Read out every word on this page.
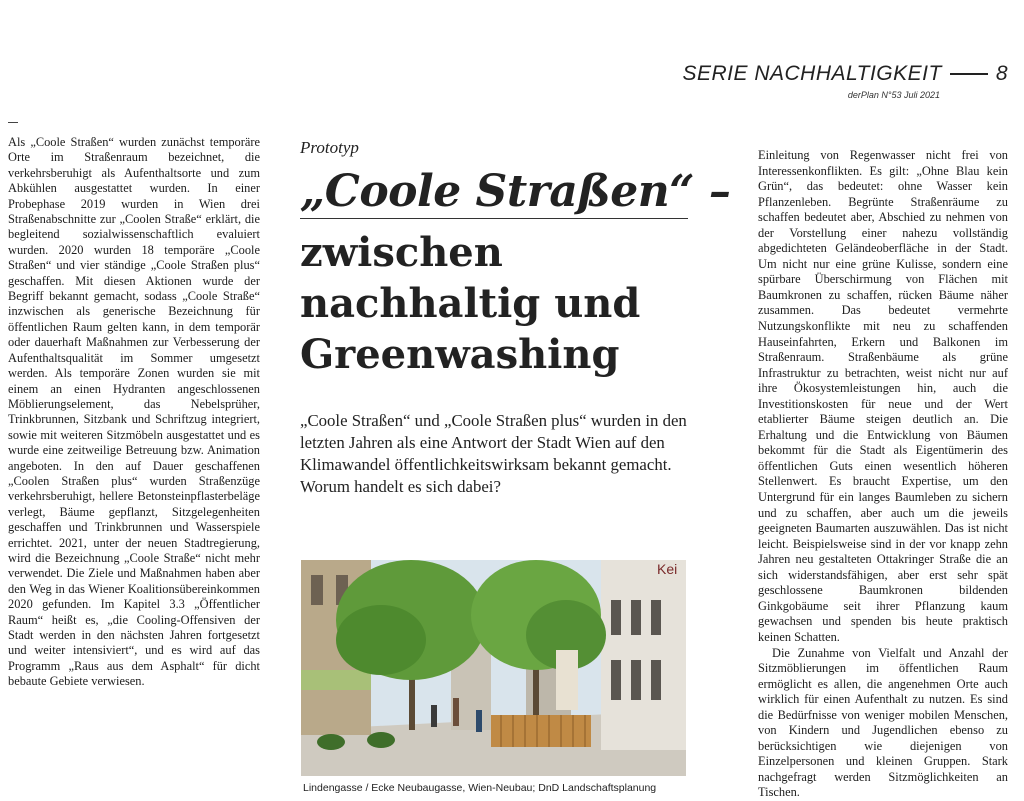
SERIE NACHHALTIGKEIT	8
derPlan N°53 Juli 2021
Als „Coole Straßen“ wurden zunächst temporäre Orte im Straßenraum bezeichnet, die verkehrsberuhigt als Aufenthaltsorte und zum Abkühlen ausgestattet wurden. In einer Probephase 2019 wurden in Wien drei Straßenabschnitte zur „Coolen Straße“ erklärt, die begleitend sozialwissenschaftlich evaluiert wurden. 2020 wurden 18 temporäre „Coole Straßen“ und vier ständige „Coole Straßen plus“ geschaffen. Mit diesen Aktionen wurde der Begriff bekannt gemacht, sodass „Coole Straße“ inzwischen als generische Bezeichnung für öffentlichen Raum gelten kann, in dem temporär oder dauerhaft Maßnahmen zur Verbesserung der Aufenthaltsqualität im Sommer umgesetzt werden. Als temporäre Zonen wurden sie mit einem an einen Hydranten angeschlossenen Möblierungselement, das Nebelsprüher, Trinkbrunnen, Sitzbank und Schriftzug integriert, sowie mit weiteren Sitzmöbeln ausgestattet und es wurde eine zeitweilige Betreuung bzw. Animation angeboten. In den auf Dauer geschaffenen „Coolen Straßen plus“ wurden Straßenzüge verkehrsberuhigt, hellere Betonsteinpflasterbeläge verlegt, Bäume gepflanzt, Sitzgelegenheiten geschaffen und Trinkbrunnen und Wasserspiele errichtet. 2021, unter der neuen Stadtregierung, wird die Bezeichnung „Coole Straße“ nicht mehr verwendet. Die Ziele und Maßnahmen haben aber den Weg in das Wiener Koalitionsübereinkommen 2020 gefunden. Im Kapitel 3.3 „Öffentlicher Raum“ heißt es, „die Cooling-Offensiven der Stadt werden in den nächsten Jahren fortgesetzt und weiter intensiviert“, und es wird auf das Programm „Raus aus dem Asphalt“ für dicht bebaute Gebiete verwiesen.
Prototyp
„Coole Straßen“ –
zwischen
nachhaltig und
Greenwashing
„Coole Straßen“ und „Coole Straßen plus“ wurden in den letzten Jahren als eine Antwort der Stadt Wien auf den Klimawandel öffentlichkeitswirksam bekannt gemacht. Worum handelt es sich dabei?
Kei
Lindengasse / Ecke Neubaugasse, Wien-Neubau; DnD Landschaftsplanung

Einleitung von Regenwasser nicht frei von Interessenkonflikten. Es gilt: „Ohne Blau kein Grün“, das bedeutet: ohne Wasser kein Pflanzenleben. Begrünte Straßenräume zu schaffen bedeutet aber, Abschied zu nehmen von der Vorstellung einer nahezu vollständig abgedichteten Geländeoberfläche in der Stadt. Um nicht nur eine grüne Kulisse, sondern eine spürbare Überschirmung von Flächen mit Baumkronen zu schaffen, rücken Bäume näher zusammen. Das bedeutet vermehrte Nutzungskonflikte mit neu zu schaffenden Hauseinfahrten, Erkern und Balkonen im Straßenraum. Straßenbäume als grüne Infrastruktur zu betrachten, weist nicht nur auf ihre Ökosystemleistungen hin, auch die Investitionskosten für neue und der Wert etablierter Bäume steigen deutlich an. Die Erhaltung und die Entwicklung von Bäumen bekommt für die Stadt als Eigentümerin des öffentlichen Guts einen wesentlich höheren Stellenwert. Es braucht Expertise, um den Untergrund für ein langes Baumleben zu sichern und zu schaffen, aber auch um die jeweils geeigneten Baumarten auszuwählen. Das ist nicht leicht. Beispielsweise sind in der vor knapp zehn Jahren neu gestalteten Ottakringer Straße die an sich widerstandsfähigen, aber erst sehr spät geschlossene Baumkronen bildenden Ginkgobäume seit ihrer Pflanzung kaum gewachsen und spenden bis heute praktisch keinen Schatten.

Die Zunahme von Vielfalt und Anzahl der Sitzmöblierungen im öffentlichen Raum ermöglicht es allen, die angenehmen Orte auch wirklich für einen Aufenthalt zu nutzen. Es sind die Bedürfnisse von weniger mobilen Menschen, von Kindern und Jugendlichen ebenso zu berücksichtigen wie diejenigen von Einzelpersonen und kleinen Gruppen. Stark nachgefragt werden Sitzmöglichkeiten an Tischen.
